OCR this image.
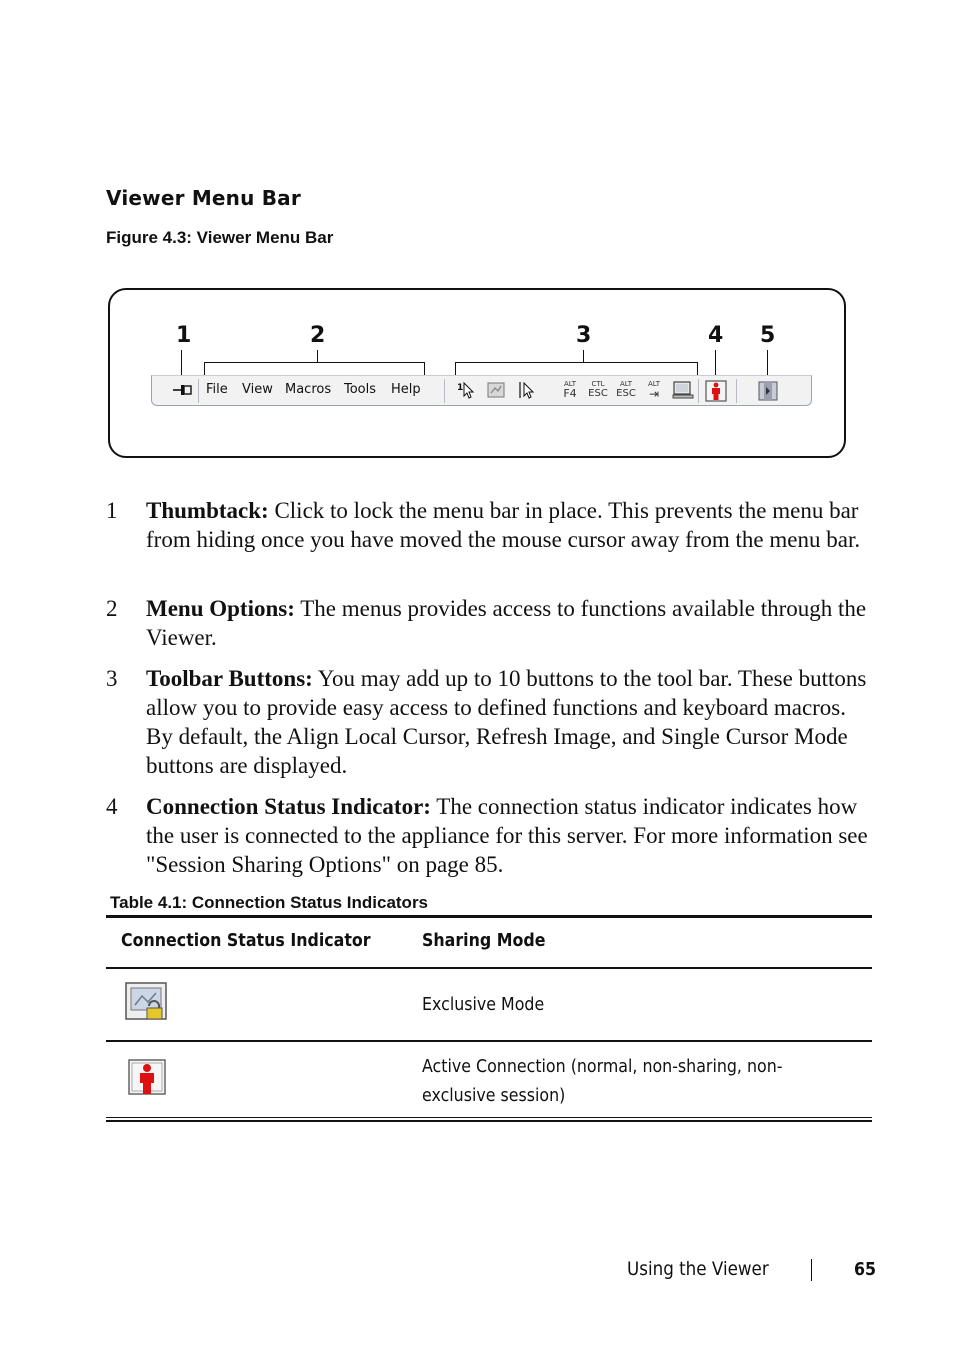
Viewer Menu Bar
Figure 4.3: Viewer Menu Bar
1	2	3	4 5
File View Macros Tools Help	1	ALT
F4
CTL
ESC
ALT
ESC
ALT
⇥
1 Thumbtack: Click to lock the menu bar in place. This prevents the menu bar from hiding once you have moved the mouse cursor away from the menu bar.
2 Menu Options: The menus provides access to functions available through the Viewer.
3 Toolbar Buttons: You may add up to 10 buttons to the tool bar. These buttons allow you to provide easy access to defined functions and keyboard macros. By default, the Align Local Cursor, Refresh Image, and Single Cursor Mode buttons are displayed.
4 Connection Status Indicator: The connection status indicator indicates how the user is connected to the appliance for this server. For more information see "Session Sharing Options" on page 85.
Table 4.1: Connection Status Indicators
Connection Status Indicator	Sharing Mode
Exclusive Mode
Active Connection (normal, non-sharing, non-
exclusive session)
Using the Viewer	65
